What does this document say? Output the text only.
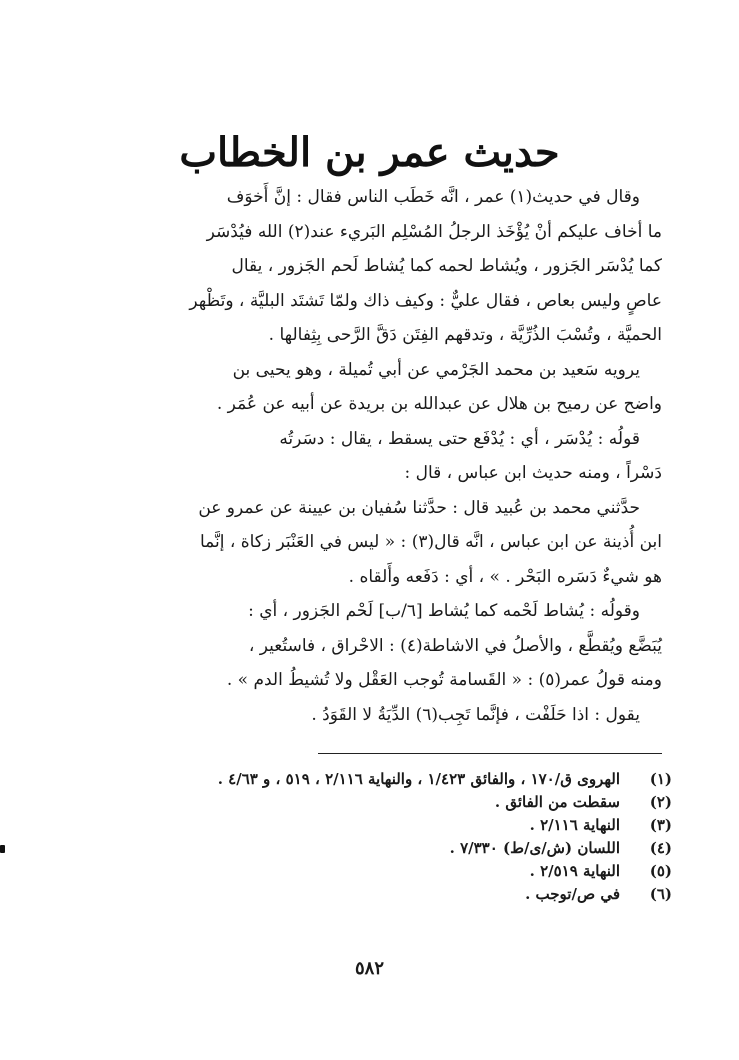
حديث عمر بن الخطاب

وقال في حديث(١) عمر ، انَّه خَطَب الناس فقال : إنَّ أَخوَف

ما أخاف عليكم أنْ يُؤْخَذ الرجلُ المُسْلِم البَريء عند(٢) الله فيُدْسَر

كما يُدْسَر الجَزور ، ويُشاط لحمه كما يُشاط لَحم الجَزور ، يقال

عاصٍ وليس بعاص ، فقال عليٌّ : وكيف ذاك ولمّا تَشتَد البليَّة ، وتَظْهر

الحميَّة ، وتُسْبَ الذُرِّيَّة ، وتدقهم الفِتَن دَقَّ الرَّحى بِثِفالها .

يرويه سَعيد بن محمد الجَرْمي عن أبي تُميلة ، وهو يحيى بن

واضح عن رميح بن هلال عن عبدالله بن بريدة عن أبيه عن عُمَر .

قولُه : يُدْسَر ، أي : يُدْفَع حتى يسقط ، يقال : دسَرتُه

دَسْراً ، ومنه حديث ابن عباس ، قال :

حدَّثني محمد بن عُبيد قال : حدَّثنا سُفيان بن عيينة عن عمرو عن

ابن أُذينة عن ابن عباس ، انَّه قال(٣) : « ليس في العَنْبَر زكاة ، إنَّما

هو شيءٌ دَسَره البَحْر . » ، أي : دَفَعه وأَلقاه .

وقولُه : يُشاط لَحْمه كما يُشاط [٦/ب] لَحْم الجَزور ، أي :

يُبَضَّع ويُقطَّع ، والأصلُ في الاشاطة(٤) : الاحْراق ، فاستُعير ،

ومنه قولُ عمر(٥) : « القَسامة تُوجب العَقْل ولا تُشيطُ الدم » .

يقول : اذا حَلَفْت ، فإنَّما تَجِب(٦) الدِّيَةُ لا القَوَدُ .

(١)
الهروى ق/١٧٠ ، والفائق ١/٤٢٣ ، والنهاية ٢/١١٦ ، ٥١٩ ، و ٤/٦٣ .
(٢)
سقطت من الفائق .
(٣)
النهاية ٢/١١٦ .
(٤)
اللسان (ش/ى/ط) ٧/٣٣٠ .
(٥)
النهاية ٢/٥١٩ .
(٦)
في ص/توجب .
٥٨٢
